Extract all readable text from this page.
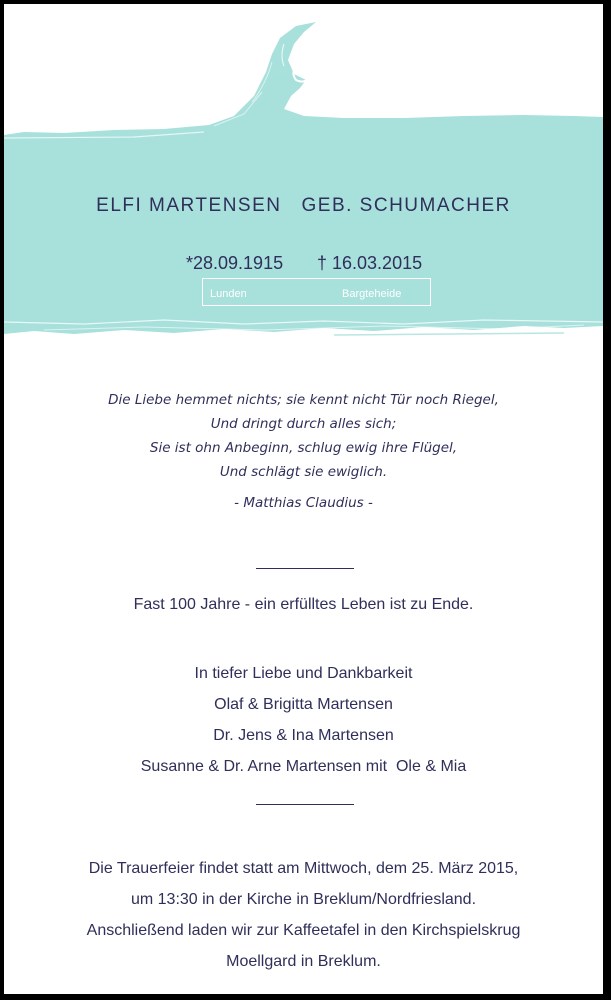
ELFI MARTENSEN GEB. SCHUMACHER
*28.09.1915 † 16.03.2015
Lunden	Bargteheide
Die Liebe hemmet nichts; sie kennt nicht Tür noch Riegel,
Und dringt durch alles sich;
Sie ist ohn Anbeginn, schlug ewig ihre Flügel,
Und schlägt sie ewiglich.
- Matthias Claudius -
Fast 100 Jahre - ein erfülltes Leben ist zu Ende.
In tiefer Liebe und Dankbarkeit
Olaf & Brigitta Martensen
Dr. Jens & Ina Martensen
Susanne & Dr. Arne Martensen mit  Ole & Mia
Die Trauerfeier findet statt am Mittwoch, dem 25. März 2015,
um 13:30 in der Kirche in Breklum/Nordfriesland.
Anschließend laden wir zur Kaffeetafel in den Kirchspielskrug
Moellgard in Breklum.
